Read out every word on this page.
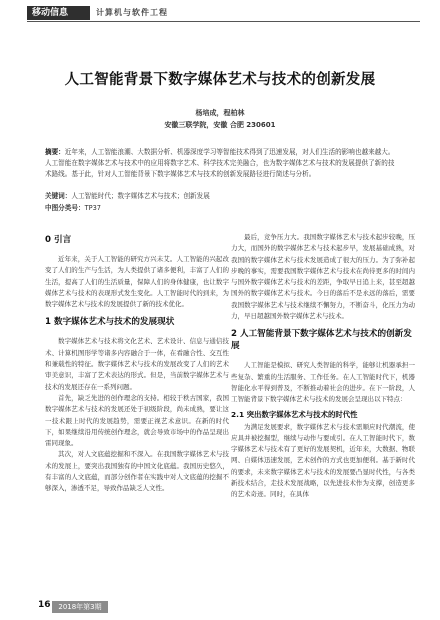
移动信息	计算机与软件工程
人工智能背景下数字媒体艺术与技术的创新发展
杨培成，程柏林
安徽三联学院，安徽 合肥 230601
摘要：近年来，人工智能浪潮、大数据分析、机器深度学习等智能技术得到了迅速发展，对人们生活的影响也越来越大。人工智能在数字媒体艺术与技术中的应用将数字艺术、科学技术完美融合，也为数字媒体艺术与技术的发展提供了新的技术路线。基于此，针对人工智能背景下数字媒体艺术与技术的创新发展路径进行简述与分析。
关键词：人工智能时代；数字媒体艺术与技术；创新发展
中图分类号：TP37
0 引言

近年来，关于人工智能的研究方兴未艾。人工智能的兴起改变了人们的生产与生活，为人类提供了诸多便利，丰富了人们的生活，提高了人们的生活质量，保障人们的身体健康，也让数字媒体艺术与技术的表现形式发生变化。人工智能时代的到来，为数字媒体艺术与技术的发展提供了新的技术优化。

1 数字媒体艺术与技术的发展现状

数字媒体艺术与技术将文化艺术、艺术设计、信息与通信技术、计算机图形学等诸多内容融合于一体，在看融合性、交互性和兼载性的特征。数字媒体艺术与技术的发展改变了人们的艺术审美意识，丰富了艺术表达的形式。但是，当前数字媒体艺术与技术的发展还存在一系列问题。

首先，缺乏先进的创作理念的支持。相较于秩古国家，我国数字媒体艺术与技术的发展还处于初级阶段，尚未成熟，要让这一技术跟上时代的发展趋势，需要正视艺术意识。在新的时代下，如果继续沿用传统创作理念，就会导致市场中的作品呈现出雷同现象。

其次，对人文底蕴挖掘和不深入。在我国数字媒体艺术与技术的发展上，要突出我国独有的中国文化底蕴。我国历史悠久，有丰富的人文底蕴，而部分创作者在实践中对人文底蕴的挖掘不够深入，渗透不足，导致作品缺乏人文性。

最后，竞争压力大。我国数字媒体艺术与技术起步较晚，压力大，而国外的数字媒体艺术与技术起步早，发展基础成熟，对我国的数字媒体艺术与技术发展造成了很大的压力。为了弥补起步晚的事实，需要我国数字媒体艺术与技术在尚待更多的时间内与国外数字媒体艺术与技术的差距，争取早日追上来，甚至超越国外的数字媒体艺术与技术。今日的落后不是永远的落后，需要我国数字媒体艺术与技术继续不懈努力，不断奋斗，化压力为动力，早日超越国外数字媒体艺术与技术。

2 人工智能背景下数字媒体艺术与技术的创新发展

人工智能是模拟、研究人类智能的科学，能够让机器承担一些复杂、繁重的生活服务、工作任务。在人工智能时代下，机器智能化水平得到普及，不断推动着社会的进步。在下一阶段，人工智能背景下数字媒体艺术与技术的发展会呈现出以下特点：

2.1 突出数字媒体艺术与技术的时代性

为满足发展要求，数字媒体艺术与技术需顺应时代潮流，使应具并被挖掘型，继续与动作与要成引。在人工智能时代下，数字媒体艺术与技术有了更好的发展契机，近年来，大数据、物联网、自媒体迅速发展，艺术创作的方式也更加便利。基于新时代的要求，未来数字媒体艺术与技术的发展要凸显时代性，与各类新技术结合，走技术发展战略，以先进技术作为支撑，创造更多的艺术奇迹。同时，在具体

16	2018年第3期
